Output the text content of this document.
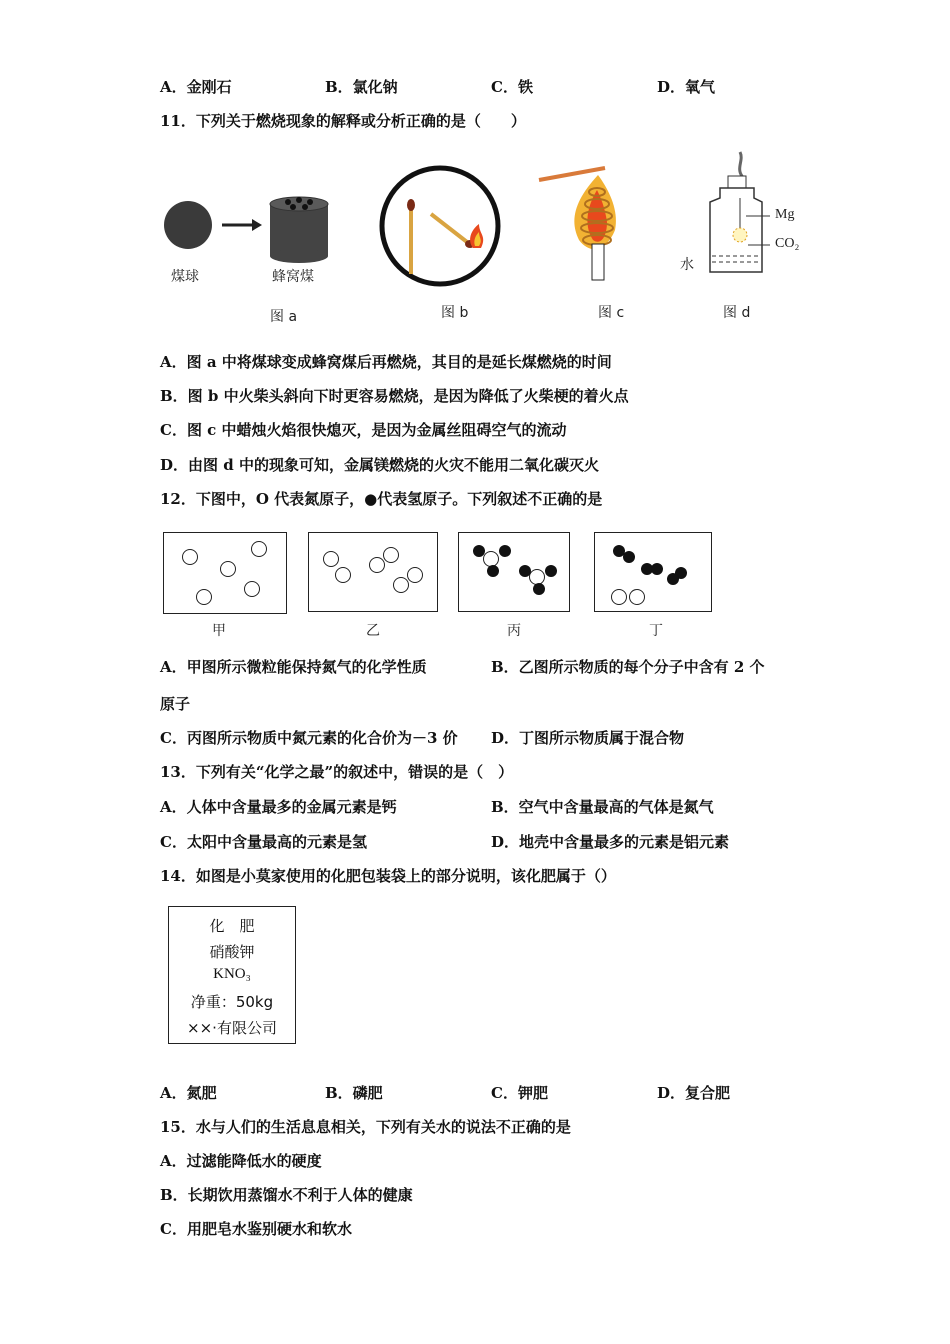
A．金刚石	B．氯化钠	C．铁	D．氧气
11．下列关于燃烧现象的解释或分析正确的是（　　）
煤球	蜂窝煤
图 a	图 b	图 c
Mg
CO₂
水
图 d
A．图 a 中将煤球变成蜂窝煤后再燃烧，其目的是延长煤燃烧的时间
B．图 b 中火柴头斜向下时更容易燃烧，是因为降低了火柴梗的着火点
C．图 c 中蜡烛火焰很快熄灭，是因为金属丝阻碍空气的流动
D．由图 d 中的现象可知，金属镁燃烧的火灾不能用二氧化碳灭火
12．下图中，O 代表氮原子，●代表氢原子。下列叙述不正确的是
甲	乙	丙	丁
A．甲图所示微粒能保持氮气的化学性质	B．乙图所示物质的每个分子中含有 2 个
原子
C．丙图所示物质中氮元素的化合价为－3 价 D．丁图所示物质属于混合物
13．下列有关“化学之最”的叙述中，错误的是（　）
A．人体中含量最多的金属元素是钙	B．空气中含量最高的气体是氮气
C．太阳中含量最高的元素是氢	D．地壳中含量最多的元素是铝元素
14．如图是小莫家使用的化肥包装袋上的部分说明，该化肥属于（）
化　肥
硝酸钾
KNO₃
净重：50kg
××·有限公司
A．氮肥	B．磷肥	C．钾肥	D．复合肥
15．水与人们的生活息息相关，下列有关水的说法不正确的是
A．过滤能降低水的硬度
B．长期饮用蒸馏水不利于人体的健康
C．用肥皂水鉴别硬水和软水
